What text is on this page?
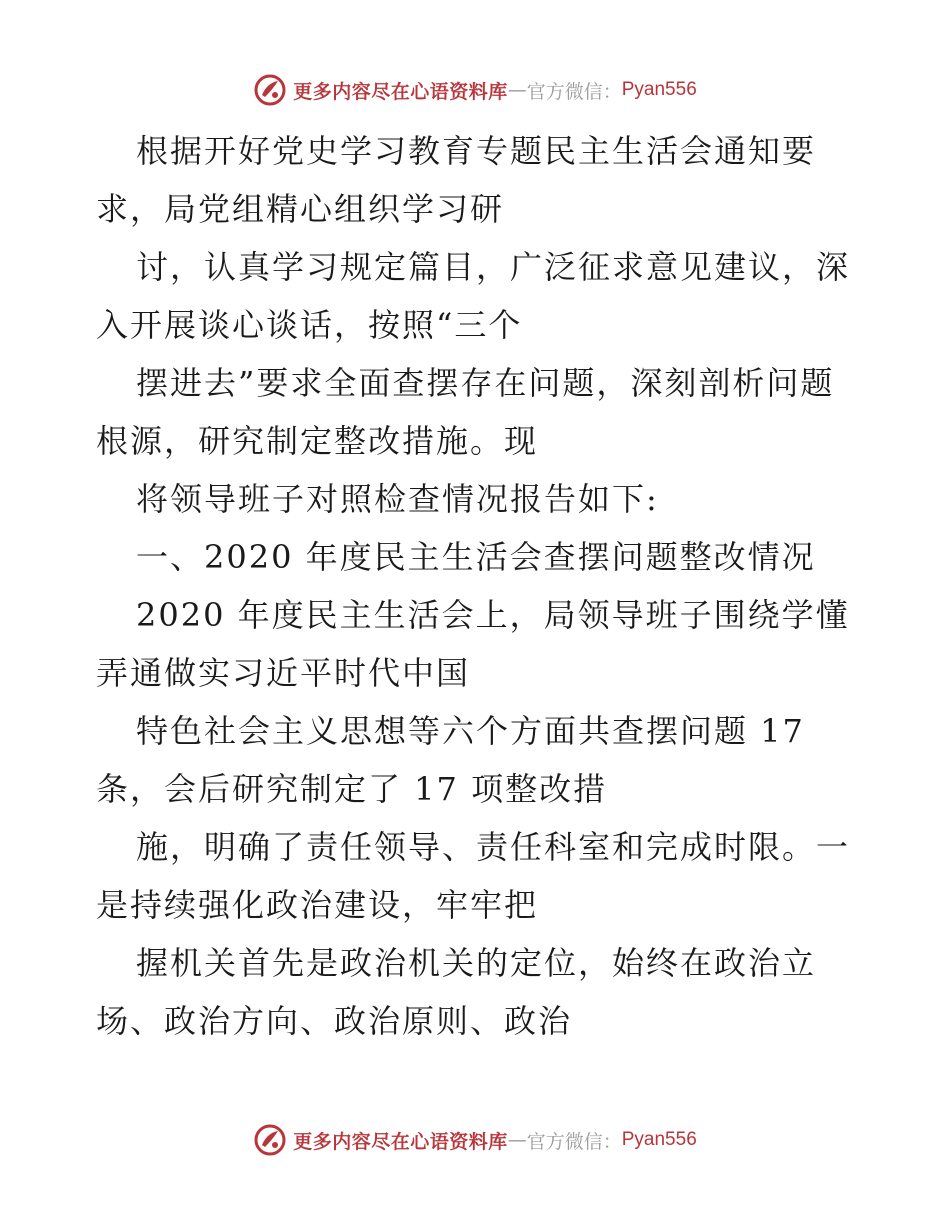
更多内容尽在心语资料库 — 官方微信： Pyan556
根据开好党史学习教育专题民主生活会通知要
求，局党组精心组织学习研
讨，认真学习规定篇目，广泛征求意见建议，深
入开展谈心谈话，按照“三个
摆进去”要求全面查摆存在问题，深刻剖析问题
根源，研究制定整改措施。现
将领导班子对照检查情况报告如下:
一、2020 年度民主生活会查摆问题整改情况
2020 年度民主生活会上，局领导班子围绕学懂
弄通做实习近平时代中国
特色社会主义思想等六个方面共查摆问题 17
条，会后研究制定了 17 项整改措
施，明确了责任领导、责任科室和完成时限。一
是持续强化政治建设，牢牢把
握机关首先是政治机关的定位，始终在政治立
场、政治方向、政治原则、政治
更多内容尽在心语资料库 — 官方微信： Pyan556
